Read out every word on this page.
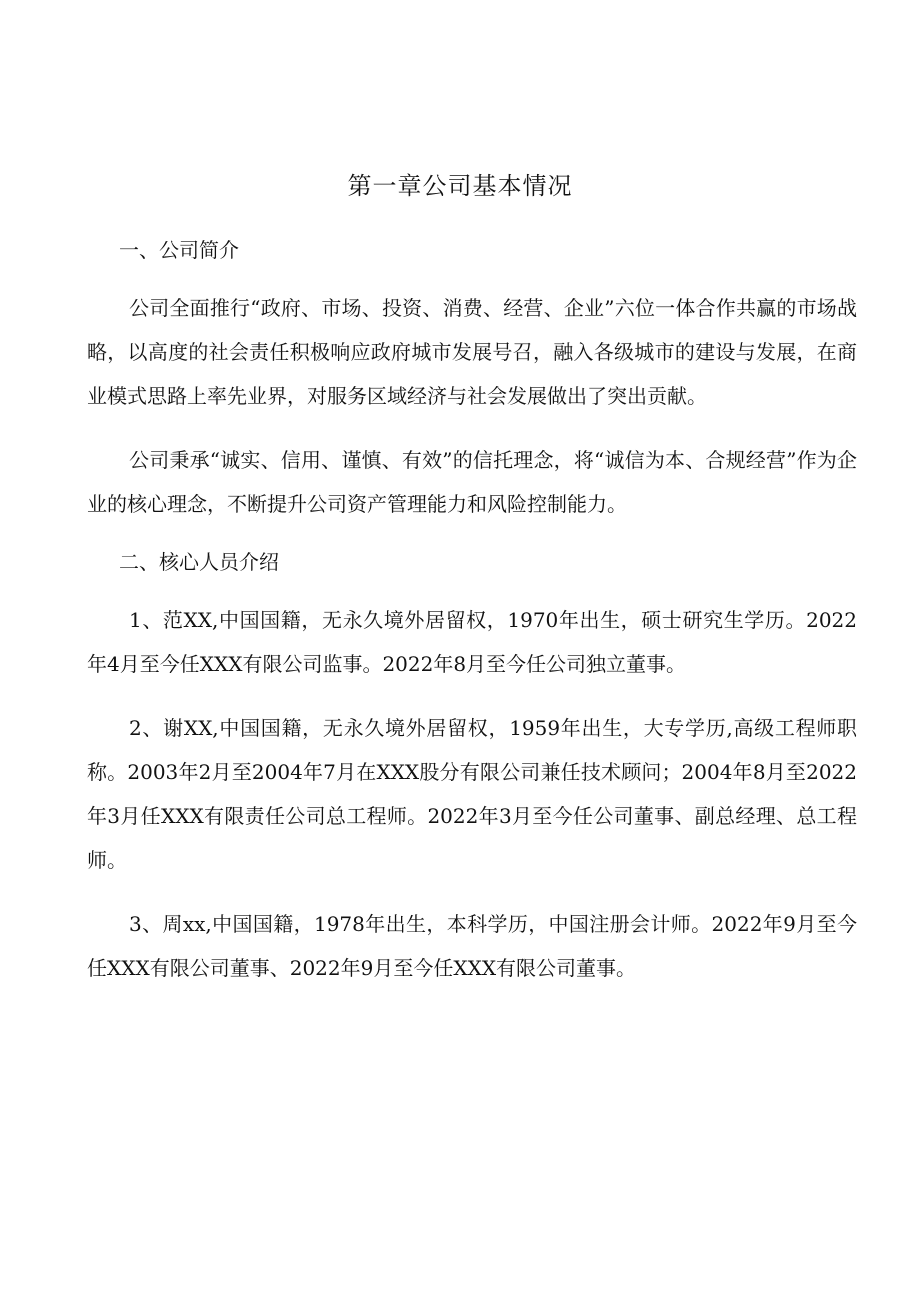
第一章公司基本情况
一、公司简介

公司全面推行“政府、市场、投资、消费、经营、企业”六位一体合作共赢的市场战略，以高度的社会责任积极响应政府城市发展号召，融入各级城市的建设与发展，在商业模式思路上率先业界，对服务区域经济与社会发展做出了突出贡献。

公司秉承“诚实、信用、谨慎、有效”的信托理念，将“诚信为本、合规经营”作为企业的核心理念，不断提升公司资产管理能力和风险控制能力。

二、核心人员介绍

1、范XX,中国国籍，无永久境外居留权，1970年出生，硕士研究生学历。2022年4月至今任XXX有限公司监事。2022年8月至今任公司独立董事。

2、谢XX,中国国籍，无永久境外居留权，1959年出生，大专学历,高级工程师职称。2003年2月至2004年7月在XXX股分有限公司兼任技术顾问；2004年8月至2022年3月任XXX有限责任公司总工程师。2022年3月至今任公司董事、副总经理、总工程师。

3、周xx,中国国籍，1978年出生，本科学历，中国注册会计师。2022年9月至今任XXX有限公司董事、2022年9月至今任XXX有限公司董事。
